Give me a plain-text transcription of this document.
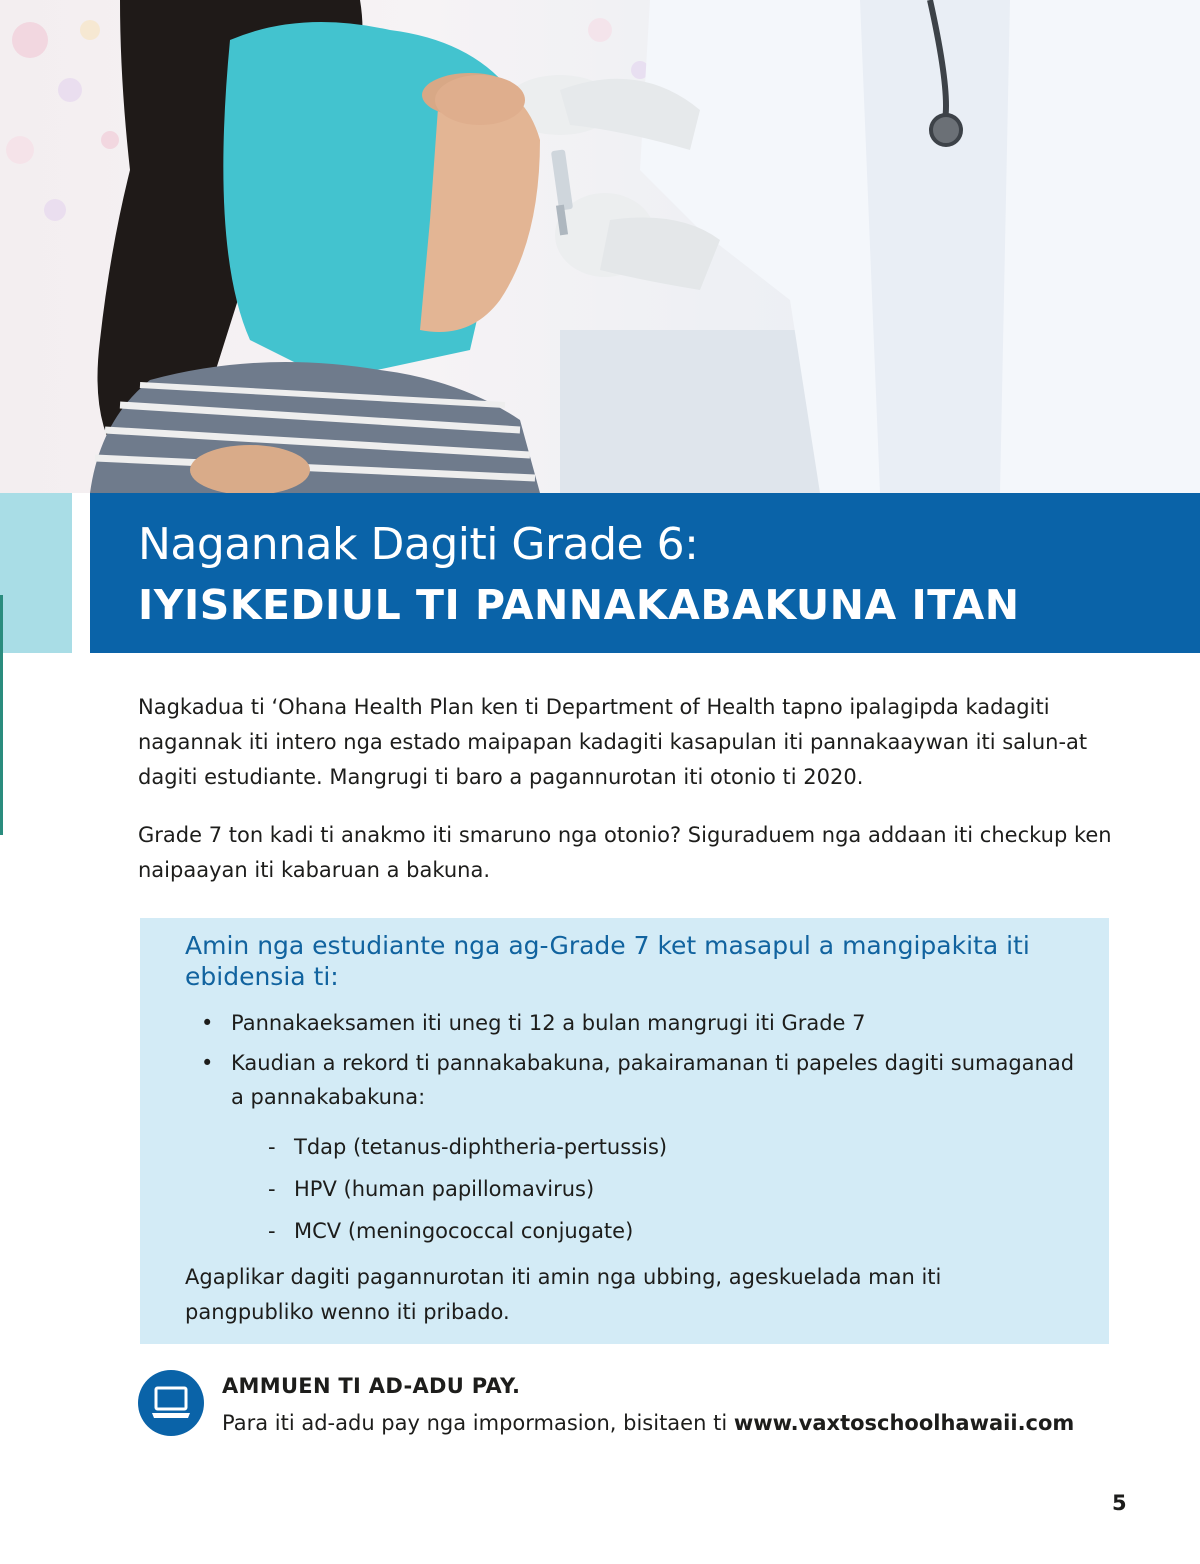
Nagannak Dagiti Grade 6:
IYISKEDIUL TI PANNAKABAKUNA ITAN
Nagkadua ti ‘Ohana Health Plan ken ti Department of Health tapno ipalagipda kadagiti nagannak iti intero nga estado maipapan kadagiti kasapulan iti pannakaaywan iti salun-at dagiti estudiante. Mangrugi ti baro a pagannurotan iti otonio ti 2020.
Grade 7 ton kadi ti anakmo iti smaruno nga otonio? Siguraduem nga addaan iti checkup ken naipaayan iti kabaruan a bakuna.
Amin nga estudiante nga ag-Grade 7 ket masapul a mangipakita iti ebidensia ti:
• Pannakaeksamen iti uneg ti 12 a bulan mangrugi iti Grade 7
• Kaudian a rekord ti pannakabakuna, pakairamanan ti papeles dagiti sumaganad a pannakabakuna:
- Tdap (tetanus-diphtheria-pertussis)
- HPV (human papillomavirus)
- MCV (meningococcal conjugate)
Agaplikar dagiti pagannurotan iti amin nga ubbing, ageskuelada man iti pangpubliko wenno iti pribado.
AMMUEN TI AD-ADU PAY.
Para iti ad-adu pay nga impormasion, bisitaen ti www.vaxtoschoolhawaii.com
5
